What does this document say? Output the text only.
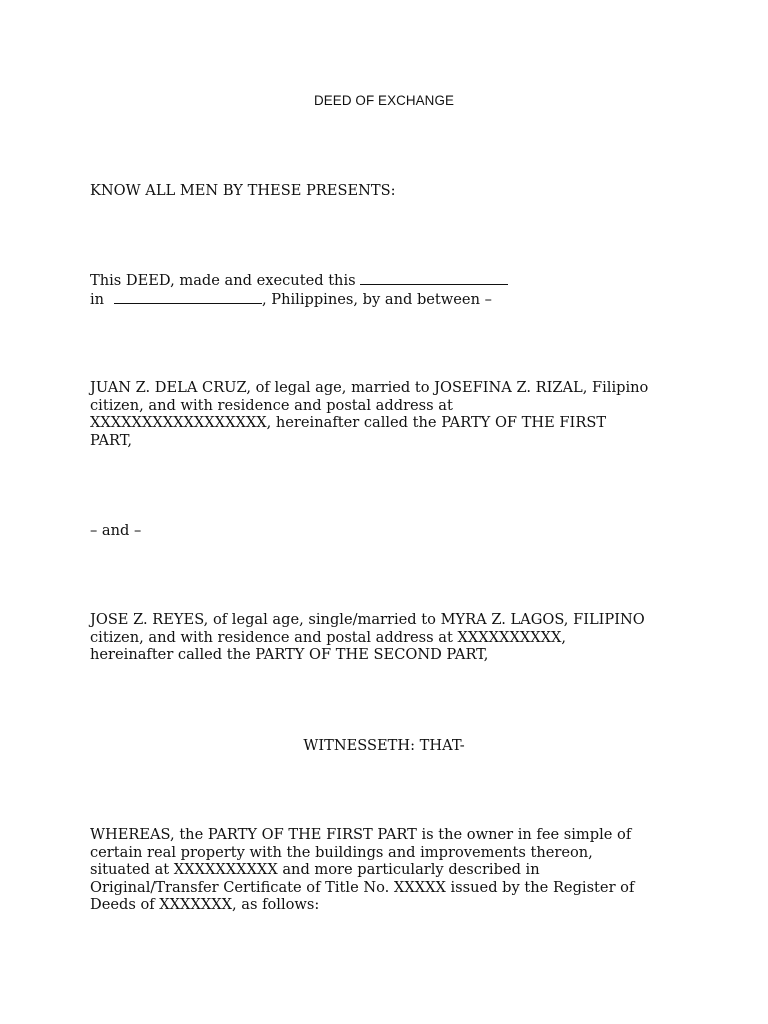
DEED OF EXCHANGE
KNOW ALL MEN BY THESE PRESENTS:
This DEED, made and executed this
in	, Philippines, by and between –
JUAN Z. DELA CRUZ, of legal age, married to JOSEFINA Z. RIZAL, Filipino
citizen, and with residence and postal address at
XXXXXXXXXXXXXXXXX, hereinafter called the PARTY OF THE FIRST
PART,
– and –
JOSE Z. REYES, of legal age, single/married to MYRA Z. LAGOS, FILIPINO
citizen, and with residence and postal address at XXXXXXXXXX,
hereinafter called the PARTY OF THE SECOND PART,
WITNESSETH: THAT-
WHEREAS, the PARTY OF THE FIRST PART is the owner in fee simple of
certain real property with the buildings and improvements thereon,
situated at XXXXXXXXXX and more particularly described in
Original/Transfer Certificate of Title No. XXXXX issued by the Register of
Deeds of XXXXXXX, as follows:
